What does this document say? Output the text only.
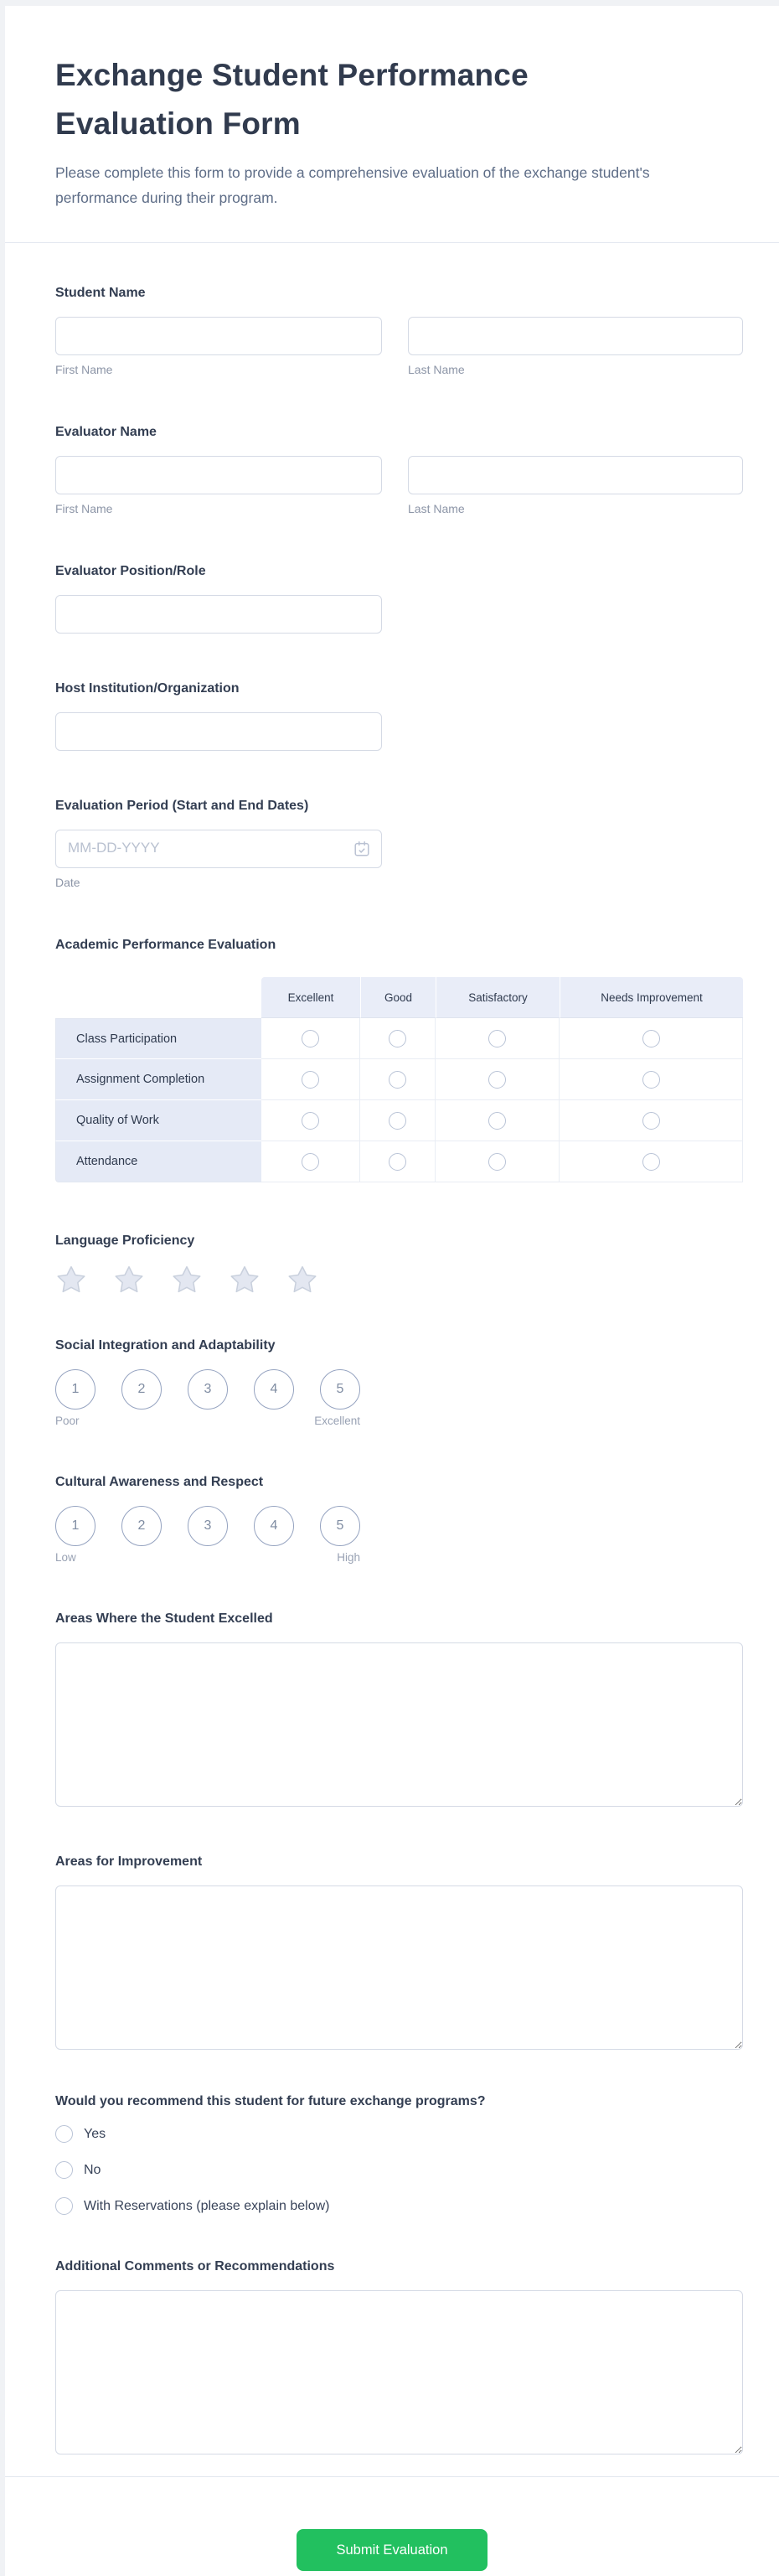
Exchange Student Performance Evaluation Form
Please complete this form to provide a comprehensive evaluation of the exchange student's performance during their program.
Student Name
First Name	Last Name
Evaluator Name
First Name	Last Name
Evaluator Position/Role
Host Institution/Organization
Evaluation Period (Start and End Dates)
MM-DD-YYYY
Date
Academic Performance Evaluation
Excellent	Good	Satisfactory	Needs Improvement
Class Participation
Assignment Completion
Quality of Work
Attendance
Language Proficiency
Social Integration and Adaptability
1	2	3	4	5
Poor	Excellent
Cultural Awareness and Respect
1	2	3	4	5
Low	High
Areas Where the Student Excelled
Areas for Improvement
Would you recommend this student for future exchange programs?
Yes
No
With Reservations (please explain below)
Additional Comments or Recommendations
Submit Evaluation
